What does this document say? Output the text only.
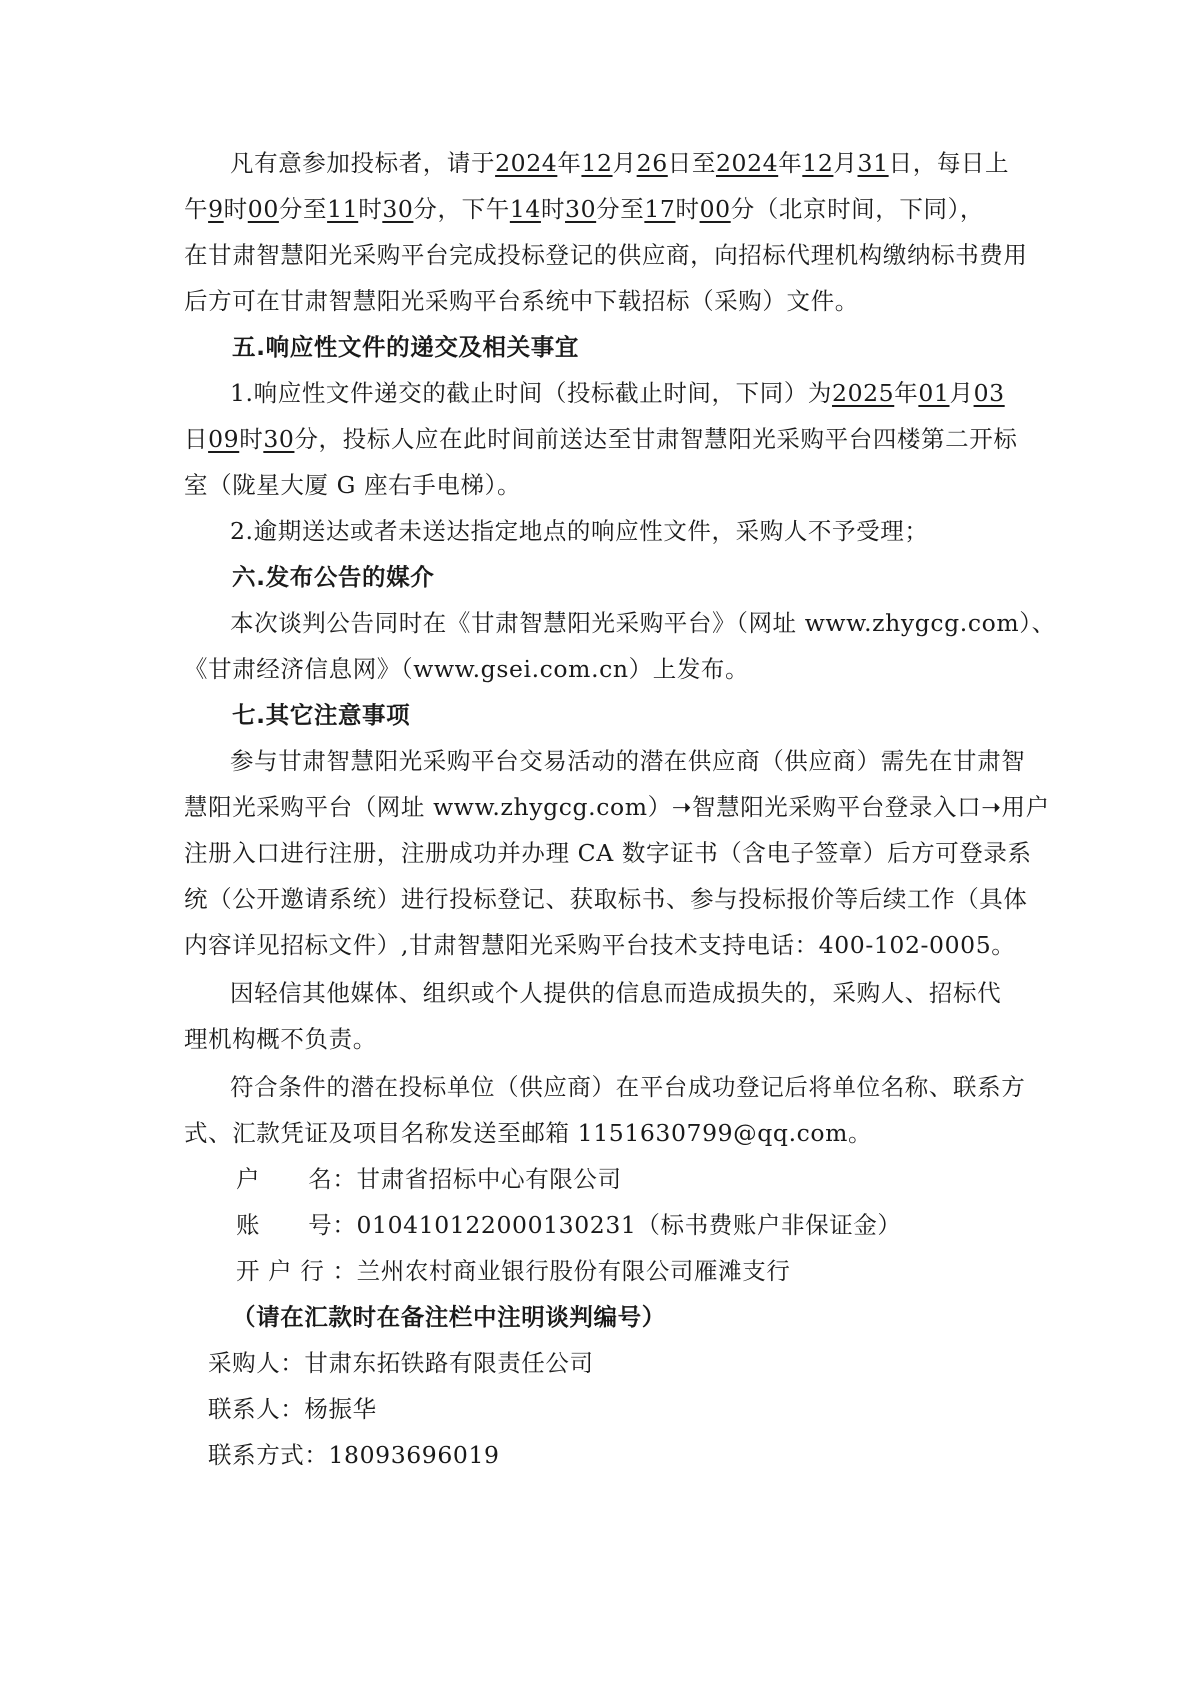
凡有意参加投标者，请于2024年12月26日至2024年12月31日，每日上
午9时00分至11时30分，下午14时30分至17时00分（北京时间，下同），
在甘肃智慧阳光采购平台完成投标登记的供应商，向招标代理机构缴纳标书费用
后方可在甘肃智慧阳光采购平台系统中下载招标（采购）文件。
五.响应性文件的递交及相关事宜
1.响应性文件递交的截止时间（投标截止时间，下同）为2025年01月03
日09时30分，投标人应在此时间前送达至甘肃智慧阳光采购平台四楼第二开标
室（陇星大厦 G 座右手电梯）。
2.逾期送达或者未送达指定地点的响应性文件，采购人不予受理；
六.发布公告的媒介
本次谈判公告同时在《甘肃智慧阳光采购平台》（网址 www.zhygcg.com）、
《甘肃经济信息网》（www.gsei.com.cn）上发布。
七.其它注意事项
参与甘肃智慧阳光采购平台交易活动的潜在供应商（供应商）需先在甘肃智
慧阳光采购平台（网址 www.zhygcg.com）➝智慧阳光采购平台登录入口➝用户
注册入口进行注册，注册成功并办理 CA 数字证书（含电子签章）后方可登录系
统（公开邀请系统）进行投标登记、获取标书、参与投标报价等后续工作（具体
内容详见招标文件）,甘肃智慧阳光采购平台技术支持电话：400-102-0005。
因轻信其他媒体、组织或个人提供的信息而造成损失的，采购人、招标代
理机构概不负责。
符合条件的潜在投标单位（供应商）在平台成功登记后将单位名称、联系方
式、汇款凭证及项目名称发送至邮箱 1151630799@qq.com。
户　　名：甘肃省招标中心有限公司
账　　号：010410122000130231（标书费账户非保证金）
开 户 行 ：兰州农村商业银行股份有限公司雁滩支行
（请在汇款时在备注栏中注明谈判编号）
采购人：甘肃东拓铁路有限责任公司
联系人：杨振华
联系方式：18093696019
